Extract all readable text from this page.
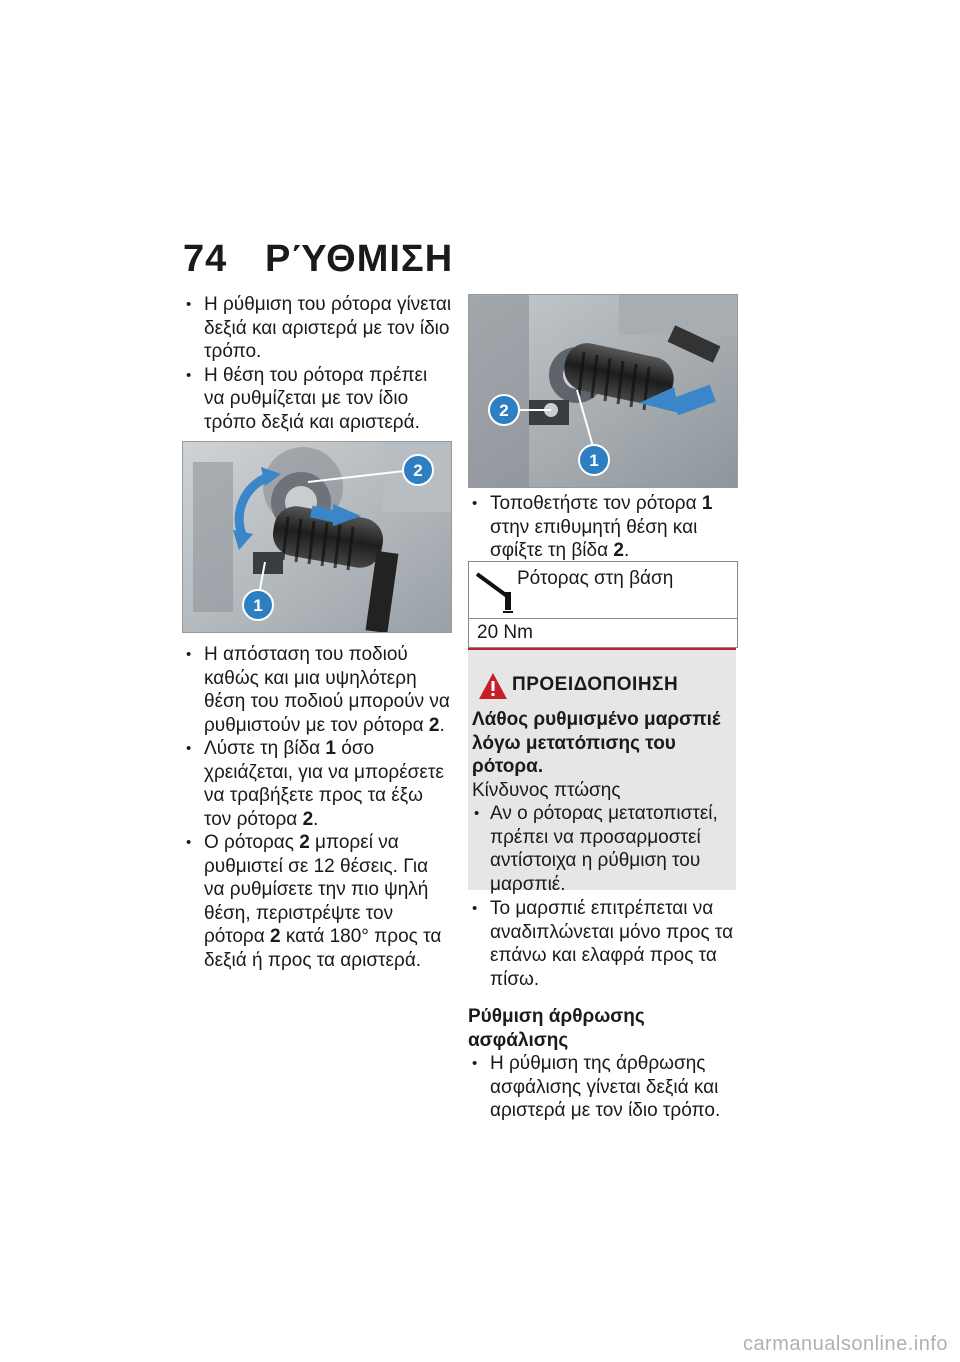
74 ΡΎΘΜΙΣΗ

• Η ρύθμιση του ρότορα γίνεται δεξιά και αριστερά με τον ίδιο τρόπο.

• Η θέση του ρότορα πρέπει να ρυθμίζεται με τον ίδιο τρόπο δεξιά και αριστερά.

2
1

• Η απόσταση του ποδιού καθώς και μια υψηλότερη θέση του ποδιού μπορούν να ρυθμιστούν με τον ρότορα 2.

• Λύστε τη βίδα 1 όσο χρειάζεται, για να μπορέσετε να τραβήξετε προς τα έξω τον ρότορα 2.

• Ο ρότορας 2 μπορεί να ρυθμιστεί σε 12 θέσεις. Για να ρυθμίσετε την πιο ψηλή θέση, περιστρέψτε τον ρότορα 2 κατά 180° προς τα δεξιά ή προς τα αριστερά.

2
1

• Τοποθετήστε τον ρότορα 1 στην επιθυμητή θέση και σφίξτε τη βίδα 2.

Ρότορας στη βάση
20 Nm
ΠΡΟΕΙΔΟΠΟΙΗΣΗ

Λάθος ρυθμισμένο μαρσπιέ λόγω μετατόπισης του ρότορα.

Κίνδυνος πτώσης

• Αν ο ρότορας μετατοπιστεί, πρέπει να προσαρμοστεί αντίστοιχα η ρύθμιση του μαρσπιέ.

• Το μαρσπιέ επιτρέπεται να αναδιπλώνεται μόνο προς τα επάνω και ελαφρά προς τα πίσω.

Ρύθμιση άρθρωσης ασφάλισης

• Η ρύθμιση της άρθρωσης ασφάλισης γίνεται δεξιά και αριστερά με τον ίδιο τρόπο.

carmanualsonline.info
